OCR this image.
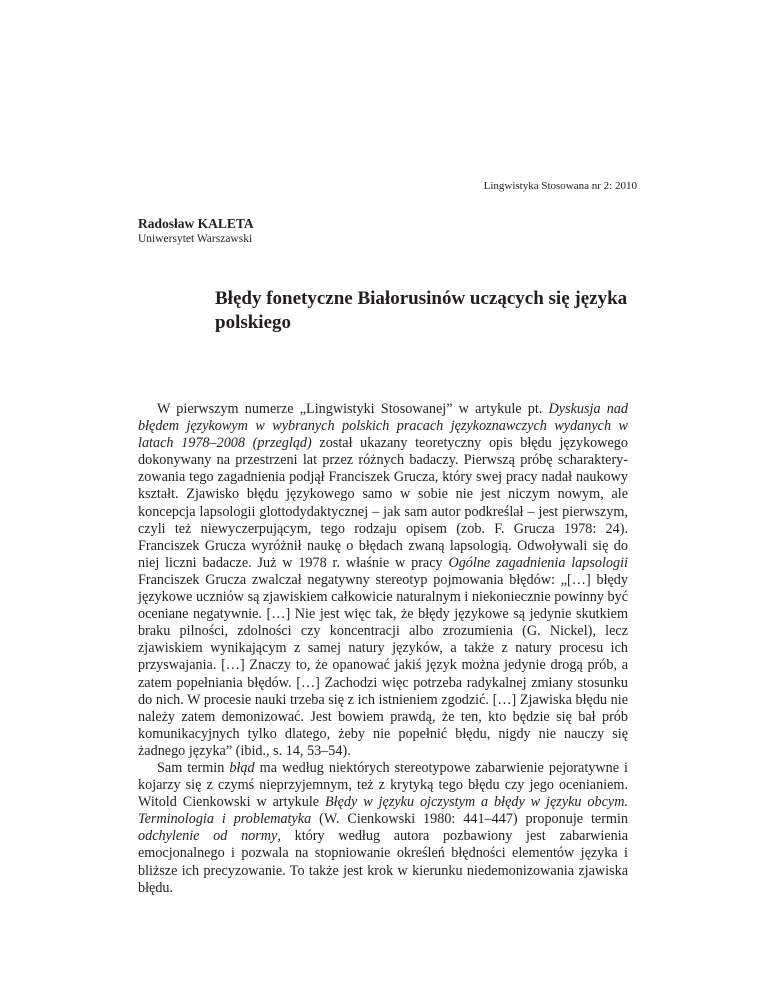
Lingwistyka Stosowana nr 2: 2010
Radosław KALETA
Uniwersytet Warszawski
Błędy fonetyczne Białorusinów uczących się języka polskiego

W pierwszym numerze „Lingwistyki Stosowanej” w artykule pt. Dyskusja nad błędem językowym w wybranych polskich pracach językoznawczych wydanych w latach 1978–2008 (przegląd) został ukazany teoretyczny opis błędu językowego dokonywany na przestrzeni lat przez różnych badaczy. Pierwszą próbę scharakteryzowania tego zagadnienia podjął Franciszek Grucza, który swej pracy nadał naukowy kształt. Zjawisko błędu językowego samo w sobie nie jest niczym nowym, ale koncepcja lapsologii glottodydaktycznej – jak sam autor podkreślał – jest pierwszym, czyli też niewyczerpującym, tego rodzaju opisem (zob. F. Grucza 1978: 24). Franciszek Grucza wyróżnił naukę o błędach zwaną lapsologią. Odwoływali się do niej liczni badacze. Już w 1978 r. właśnie w pracy Ogólne zagadnienia lapsologii Franciszek Grucza zwalczał negatywny stereotyp pojmowania błędów: „[…] błędy językowe uczniów są zjawiskiem całkowicie naturalnym i niekoniecznie powinny być oceniane negatywnie. […] Nie jest więc tak, że błędy językowe są jedynie skutkiem braku pilności, zdolności czy koncentracji albo zrozumienia (G. Nickel), lecz zjawiskiem wynikającym z samej natury języków, a także z natury procesu ich przyswajania. […] Znaczy to, że opanować jakiś język można jedynie drogą prób, a zatem popełniania błędów. […] Zachodzi więc potrzeba radykalnej zmiany stosunku do nich. W procesie nauki trzeba się z ich istnieniem zgodzić. […] Zjawiska błędu nie należy zatem demonizować. Jest bowiem prawdą, że ten, kto będzie się bał prób komunikacyjnych tylko dlatego, żeby nie popełnić błędu, nigdy nie nauczy się żadnego języka” (ibid., s. 14, 53–54).

Sam termin błąd ma według niektórych stereotypowe zabarwienie pejoratywne i kojarzy się z czymś nieprzyjemnym, też z krytyką tego błędu czy jego ocenianiem. Witold Cienkowski w artykule Błędy w języku ojczystym a błędy w języku obcym. Terminologia i problematyka (W. Cienkowski 1980: 441–447) proponuje termin odchylenie od normy, który według autora pozbawiony jest zabarwienia emocjonalnego i pozwala na stopniowanie określeń błędności elementów języka i bliższe ich precyzowanie. To także jest krok w kierunku niedemonizowania zjawiska błędu.
